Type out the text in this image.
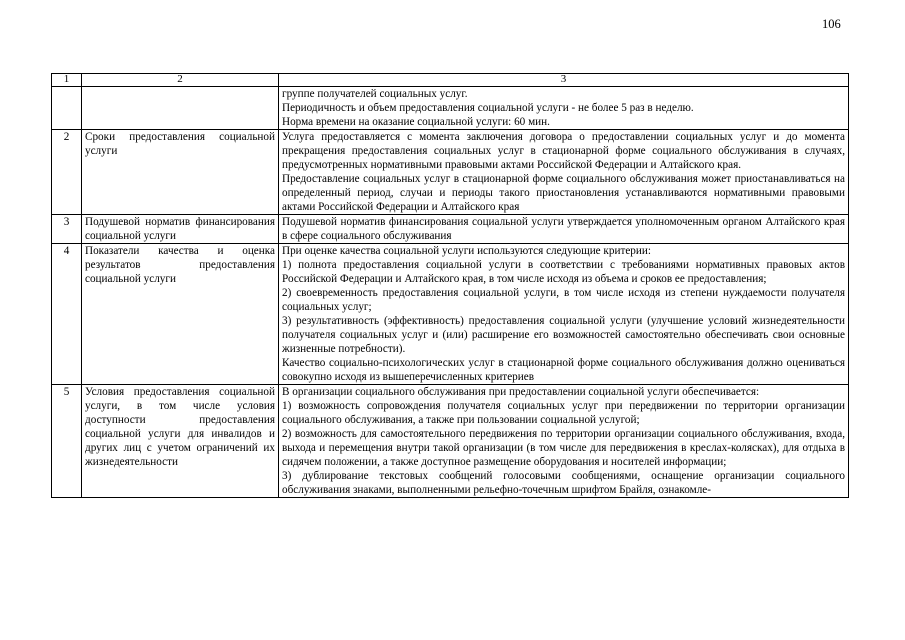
106
1	2	3

		группе получателей социальных услуг.
Периодичность и объем предоставления социальной услуги - не более 5 раз в неделю.
Норма времени на оказание социальной услуги: 60 мин.

2	Сроки предоставления социальной услуги	Услуга предоставляется с момента заключения договора о предоставлении социальных услуг и до момента прекращения предоставления социальных услуг в стационарной форме социального обслуживания в случаях, предусмотренных нормативными правовыми актами Российской Федерации и Алтайского края.
Предоставление социальных услуг в стационарной форме социального обслуживания может приостанавливаться на определенный период, случаи и периоды такого приостановления устанавливаются нормативными правовыми актами Российской Федерации и Алтайского края

3	Подушевой норматив финансирования социальной услуги	Подушевой норматив финансирования социальной услуги утверждается уполномоченным органом Алтайского края в сфере социального обслуживания

4	Показатели качества и оценка результатов предоставления социальной услуги	При оценке качества социальной услуги используются следующие критерии:
1) полнота предоставления социальной услуги в соответствии с требованиями нормативных правовых актов Российской Федерации и Алтайского края, в том числе исходя из объема и сроков ее предоставления;
2) своевременность предоставления социальной услуги, в том числе исходя из степени нуждаемости получателя социальных услуг;
3) результативность (эффективность) предоставления социальной услуги (улучшение условий жизнедеятельности получателя социальных услуг и (или) расширение его возможностей самостоятельно обеспечивать свои основные жизненные потребности).
Качество социально-психологических услуг в стационарной форме социального обслуживания должно оцениваться совокупно исходя из вышеперечисленных критериев

5	Условия предоставления социальной услуги, в том числе условия доступности предоставления социальной услуги для инвалидов и других лиц с учетом ограничений их жизнедеятельности	В организации социального обслуживания при предоставлении социальной услуги обеспечивается:
1) возможность сопровождения получателя социальных услуг при передвижении по территории организации социального обслуживания, а также при пользовании социальной услугой;
2) возможность для самостоятельного передвижения по территории организации социального обслуживания, входа, выхода и перемещения внутри такой организации (в том числе для передвижения в креслах-колясках), для отдыха в сидячем положении, а также доступное размещение оборудования и носителей информации;
3) дублирование текстовых сообщений голосовыми сообщениями, оснащение организации социального обслуживания знаками, выполненными рельефно-точечным шрифтом Брайля, ознакомле-
